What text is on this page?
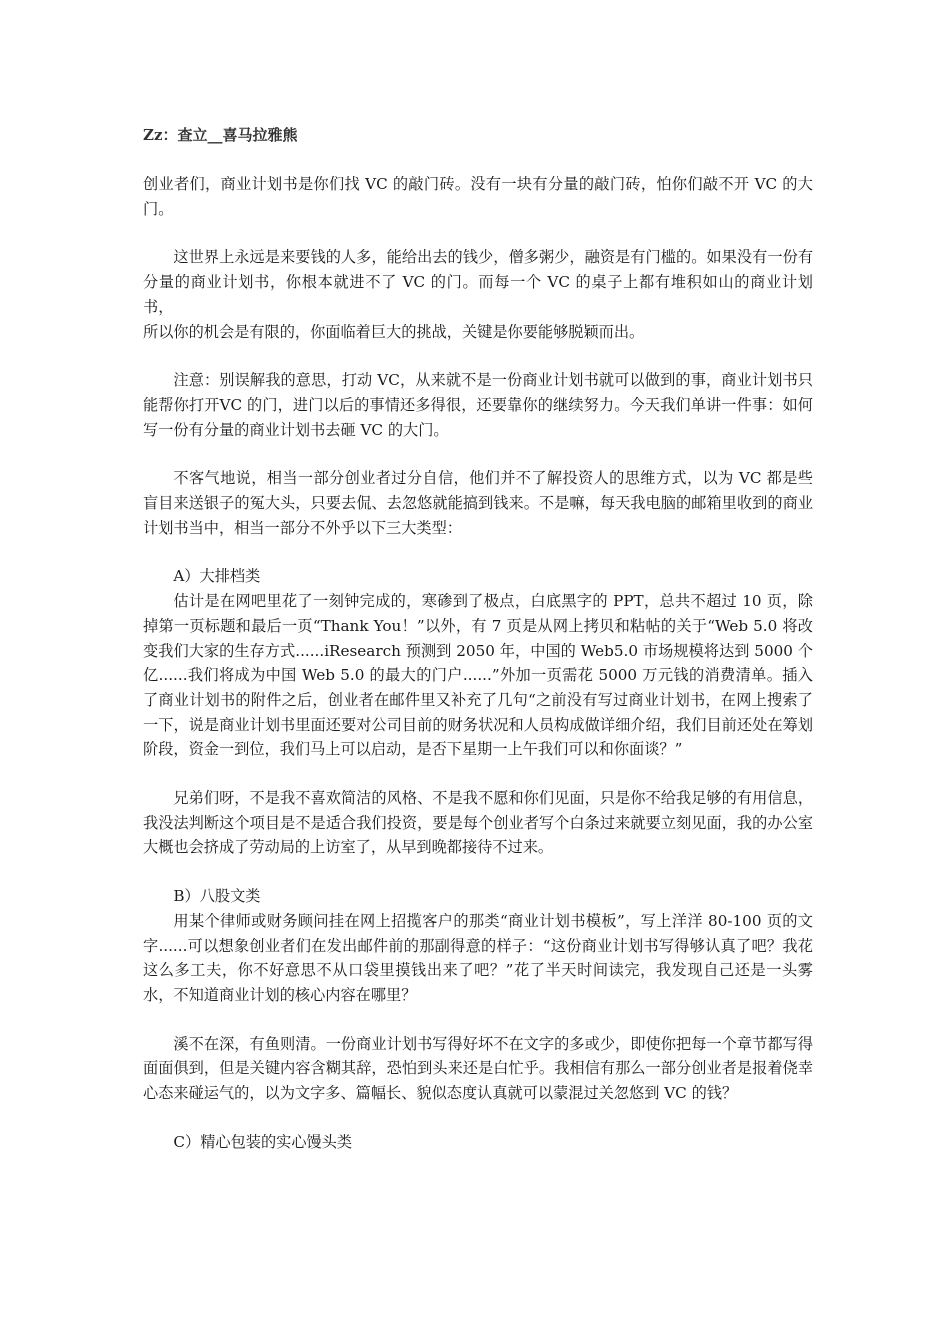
Zz：查立__喜马拉雅熊

创业者们，商业计划书是你们找 VC 的敲门砖。没有一块有分量的敲门砖，怕你们敲不开 VC 的大门。

这世界上永远是来要钱的人多，能给出去的钱少，僧多粥少，融资是有门槛的。如果没有一份有分量的商业计划书，你根本就进不了 VC 的门。而每一个 VC 的桌子上都有堆积如山的商业计划书，

所以你的机会是有限的，你面临着巨大的挑战，关键是你要能够脱颖而出。

注意：别误解我的意思，打动 VC，从来就不是一份商业计划书就可以做到的事，商业计划书只能帮你打开VC 的门，进门以后的事情还多得很，还要靠你的继续努力。今天我们单讲一件事：如何写一份有分量的商业计划书去砸 VC 的大门。

不客气地说，相当一部分创业者过分自信，他们并不了解投资人的思维方式，以为 VC 都是些盲目来送银子的冤大头，只要去侃、去忽悠就能搞到钱来。不是嘛，每天我电脑的邮箱里收到的商业计划书当中，相当一部分不外乎以下三大类型：

A）大排档类

估计是在网吧里花了一刻钟完成的，寒碜到了极点，白底黑字的 PPT，总共不超过 10 页，除掉第一页标题和最后一页“Thank You！”以外，有 7 页是从网上拷贝和粘帖的关于“Web 5.0 将改变我们大家的生存方式......iResearch 预测到 2050 年，中国的 Web5.0 市场规模将达到 5000 个亿......我们将成为中国 Web 5.0 的最大的门户......”外加一页需花 5000 万元钱的消费清单。插入了商业计划书的附件之后，创业者在邮件里又补充了几句“之前没有写过商业计划书，在网上搜索了一下，说是商业计划书里面还要对公司目前的财务状况和人员构成做详细介绍，我们目前还处在筹划阶段，资金一到位，我们马上可以启动，是否下星期一上午我们可以和你面谈？”

兄弟们呀，不是我不喜欢简洁的风格、不是我不愿和你们见面，只是你不给我足够的有用信息，我没法判断这个项目是不是适合我们投资，要是每个创业者写个白条过来就要立刻见面，我的办公室大概也会挤成了劳动局的上访室了，从早到晚都接待不过来。

B）八股文类

用某个律师或财务顾问挂在网上招揽客户的那类“商业计划书模板”，写上洋洋 80-100 页的文字......可以想象创业者们在发出邮件前的那副得意的样子：“这份商业计划书写得够认真了吧？我花这么多工夫，你不好意思不从口袋里摸钱出来了吧？”花了半天时间读完，我发现自己还是一头雾水，不知道商业计划的核心内容在哪里？

溪不在深，有鱼则清。一份商业计划书写得好坏不在文字的多或少，即使你把每一个章节都写得面面俱到，但是关键内容含糊其辞，恐怕到头来还是白忙乎。我相信有那么一部分创业者是报着侥幸心态来碰运气的，以为文字多、篇幅长、貌似态度认真就可以蒙混过关忽悠到 VC 的钱？

C）精心包装的实心馒头类
